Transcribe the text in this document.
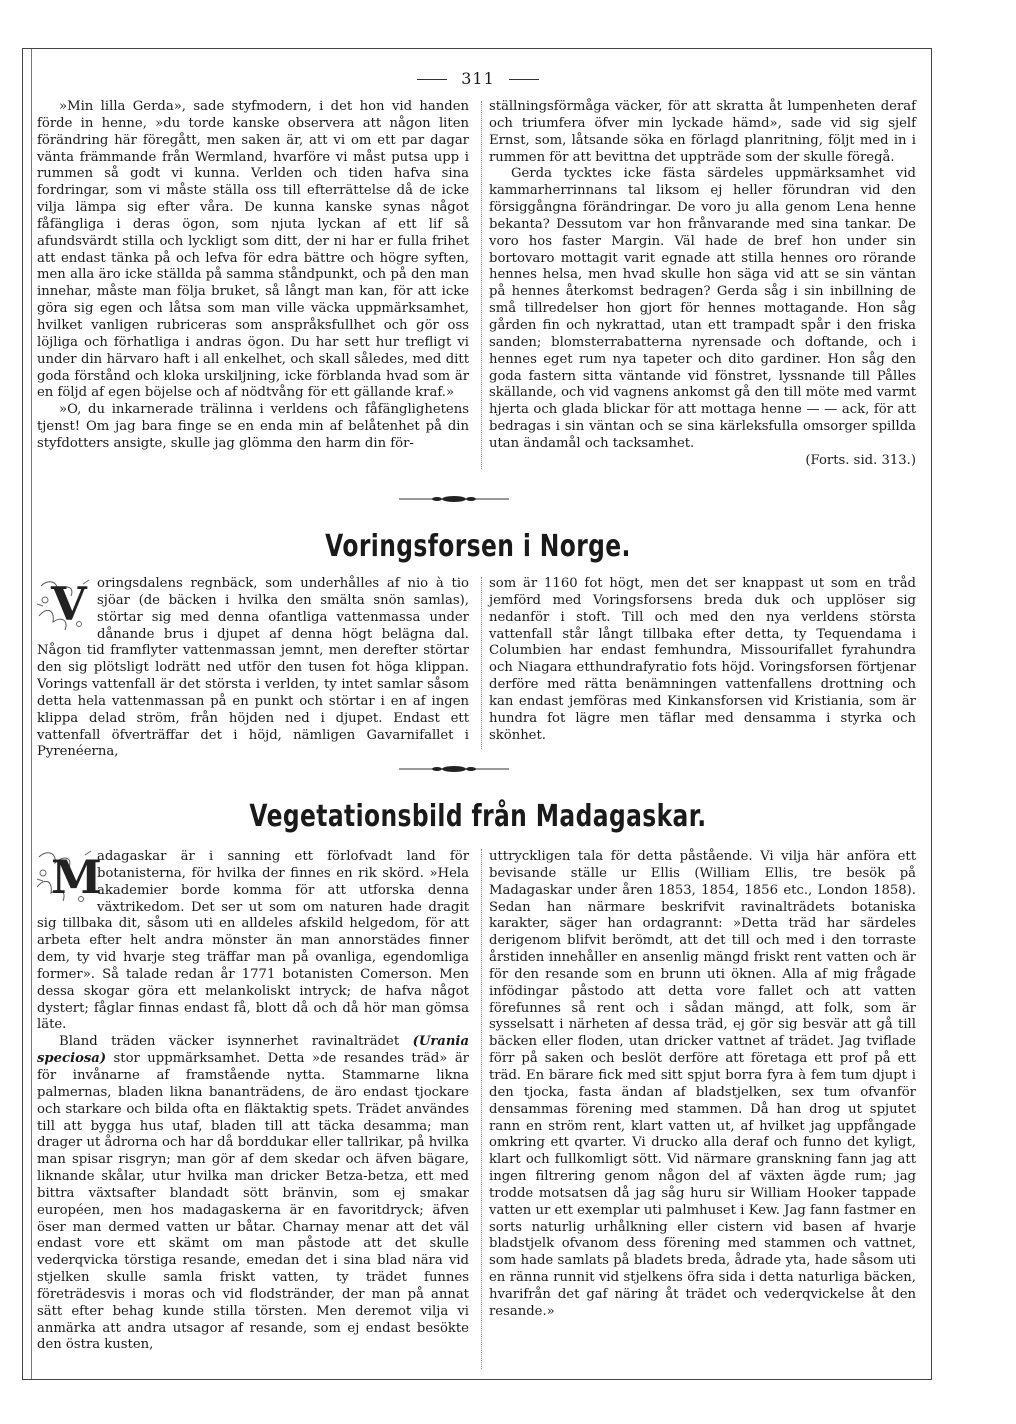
311

»Min lilla Gerda», sade styfmodern, i det hon vid handen förde in henne, »du torde kanske observera att någon liten förändring här föregått, men saken är, att vi om ett par dagar vänta främmande från Wermland, hvarföre vi måst putsa upp i rummen så godt vi kunna. Verlden och tiden hafva sina fordringar, som vi måste ställa oss till efterrättelse då de icke vilja lämpa sig efter våra. De kunna kanske synas något fåfängliga i deras ögon, som njuta lyckan af ett lif så afundsvärdt stilla och lyckligt som ditt, der ni har er fulla frihet att endast tänka på och lefva för edra bättre och högre syften, men alla äro icke ställda på samma ståndpunkt, och på den man innehar, måste man följa bruket, så långt man kan, för att icke göra sig egen och låtsa som man ville väcka uppmärksamhet, hvilket vanligen rubriceras som anspråksfullhet och gör oss löjliga och förhatliga i andras ögon. Du har sett hur trefligt vi under din härvaro haft i all enkelhet, och skall således, med ditt goda förstånd och kloka urskiljning, icke förblanda hvad som är en följd af egen böjelse och af nödtvång för ett gällande kraf.»

»O, du inkarnerade trälinna i verldens och fåfänglighetens tjenst! Om jag bara finge se en enda min af belåtenhet på din styfdotters ansigte, skulle jag glömma den harm din för-

ställningsförmåga väcker, för att skratta åt lumpenheten deraf och triumfera öfver min lyckade hämd», sade vid sig sjelf Ernst, som, låtsande söka en förlagd planritning, följt med in i rummen för att bevittna det uppträde som der skulle föregå.

Gerda tycktes icke fästa särdeles uppmärksamhet vid kammarherrinnans tal liksom ej heller förundran vid den försiggångna förändringar. De voro ju alla genom Lena henne bekanta? Dessutom var hon frånvarande med sina tankar. De voro hos faster Margin. Väl hade de bref hon under sin bortovaro mottagit varit egnade att stilla hennes oro rörande hennes helsa, men hvad skulle hon säga vid att se sin väntan på hennes återkomst bedragen? Gerda såg i sin inbillning de små tillredelser hon gjort för hennes mottagande. Hon såg gården fin och nykrattad, utan ett trampadt spår i den friska sanden; blomsterrabatterna nyrensade och doftande, och i hennes eget rum nya tapeter och dito gardiner. Hon såg den goda fastern sitta väntande vid fönstret, lyssnande till Pålles skällande, och vid vagnens ankomst gå den till möte med varmt hjerta och glada blickar för att mottaga henne — — ack, för att bedragas i sin väntan och se sina kärleksfulla omsorger spillda utan ändamål och tacksamhet.

(Forts. sid. 313.)
Voringsforsen i Norge.

V oringsdalens regnbäck, som underhålles af nio à tio sjöar (de bäcken i hvilka den smälta snön samlas), störtar sig med denna ofantliga vattenmassa under dånande brus i djupet af denna högt belägna dal. Någon tid framflyter vattenmassan jemnt, men derefter störtar den sig plötsligt lodrätt ned utför den tusen fot höga klippan. Vorings vattenfall är det största i verlden, ty intet samlar såsom detta hela vattenmassan på en punkt och störtar i en af ingen klippa delad ström, från höjden ned i djupet. Endast ett vattenfall öfverträffar det i höjd, nämligen Gavarnifallet i Pyrenéerna,

som är 1160 fot högt, men det ser knappast ut som en tråd jemförd med Voringsforsens breda duk och upplöser sig nedanför i stoft. Till och med den nya verldens största vattenfall står långt tillbaka efter detta, ty Tequendama i Columbien har endast femhundra, Missourifallet fyrahundra och Niagara etthundrafyratio fots höjd. Voringsforsen förtjenar derföre med rätta benämningen vattenfallens drottning och kan endast jemföras med Kinkansforsen vid Kristiania, som är hundra fot lägre men täflar med densamma i styrka och skönhet.

Vegetationsbild från Madagaskar.

M
adagaskar är i sanning ett förlofvadt land för botanisterna, för hvilka der finnes en rik skörd. »Hela akademier borde komma för att utforska denna växtrikedom. Det ser ut som om naturen hade dragit sig tillbaka dit, såsom uti en alldeles afskild helgedom, för att arbeta efter helt andra mönster än man annorstädes finner dem, ty vid hvarje steg träffar man på ovanliga, egendomliga former». Så talade redan år 1771 botanisten Comerson. Men dessa skogar göra ett melankoliskt intryck; de hafva något dystert; fåglar finnas endast få, blott då och då hör man gömsa läte.

Bland träden väcker isynnerhet ravinalträdet (Urania speciosa) stor uppmärksamhet. Detta »de resandes träd» är för invånarne af framstående nytta. Stammarne likna palmernas, bladen likna bananträdens, de äro endast tjockare och starkare och bilda ofta en fläktaktig spets. Trädet användes till att bygga hus utaf, bladen till att täcka desamma; man drager ut ådrorna och har då borddukar eller tallrikar, på hvilka man spisar risgryn; man gör af dem skedar och äfven bägare, liknande skålar, utur hvilka man dricker Betza-betza, ett med bittra växtsafter blandadt sött bränvin, som ej smakar européen, men hos madagaskerna är en favoritdryck; äfven öser man dermed vatten ur båtar. Charnay menar att det väl endast vore ett skämt om man påstode att det skulle vederqvicka törstiga resande, emedan det i sina blad nära vid stjelken skulle samla friskt vatten, ty trädet funnes företrädesvis i moras och vid flodstränder, der man på annat sätt efter behag kunde stilla törsten. Men deremot vilja vi anmärka att andra utsagor af resande, som ej endast besökte den östra kusten,

uttryckligen tala för detta påstående. Vi vilja här anföra ett bevisande ställe ur Ellis (William Ellis, tre besök på Madagaskar under åren 1853, 1854, 1856 etc., London 1858). Sedan han närmare beskrifvit ravinalträdets botaniska karakter, säger han ordagrannt: »Detta träd har särdeles derigenom blifvit berömdt, att det till och med i den torraste årstiden innehåller en ansenlig mängd friskt rent vatten och är för den resande som en brunn uti öknen. Alla af mig frågade infödingar påstodo att detta vore fallet och att vatten förefunnes så rent och i sådan mängd, att folk, som är sysselsatt i närheten af dessa träd, ej gör sig besvär att gå till bäcken eller floden, utan dricker vattnet af trädet. Jag tviflade förr på saken och beslöt derföre att företaga ett prof på ett träd. En bärare fick med sitt spjut borra fyra à fem tum djupt i den tjocka, fasta ändan af bladstjelken, sex tum ofvanför densammas förening med stammen. Då han drog ut spjutet rann en ström rent, klart vatten ut, af hvilket jag uppfångade omkring ett qvarter. Vi drucko alla deraf och funno det kyligt, klart och fullkomligt sött. Vid närmare granskning fann jag att ingen filtrering genom någon del af växten ägde rum; jag trodde motsatsen då jag såg huru sir William Hooker tappade vatten ur ett exemplar uti palmhuset i Kew. Jag fann fastmer en sorts naturlig urhålkning eller cistern vid basen af hvarje bladstjelk ofvanom dess förening med stammen och vattnet, som hade samlats på bladets breda, ådrade yta, hade såsom uti en ränna runnit vid stjelkens öfra sida i detta naturliga bäcken, hvarifrån det gaf näring åt trädet och vederqvickelse åt den resande.»
